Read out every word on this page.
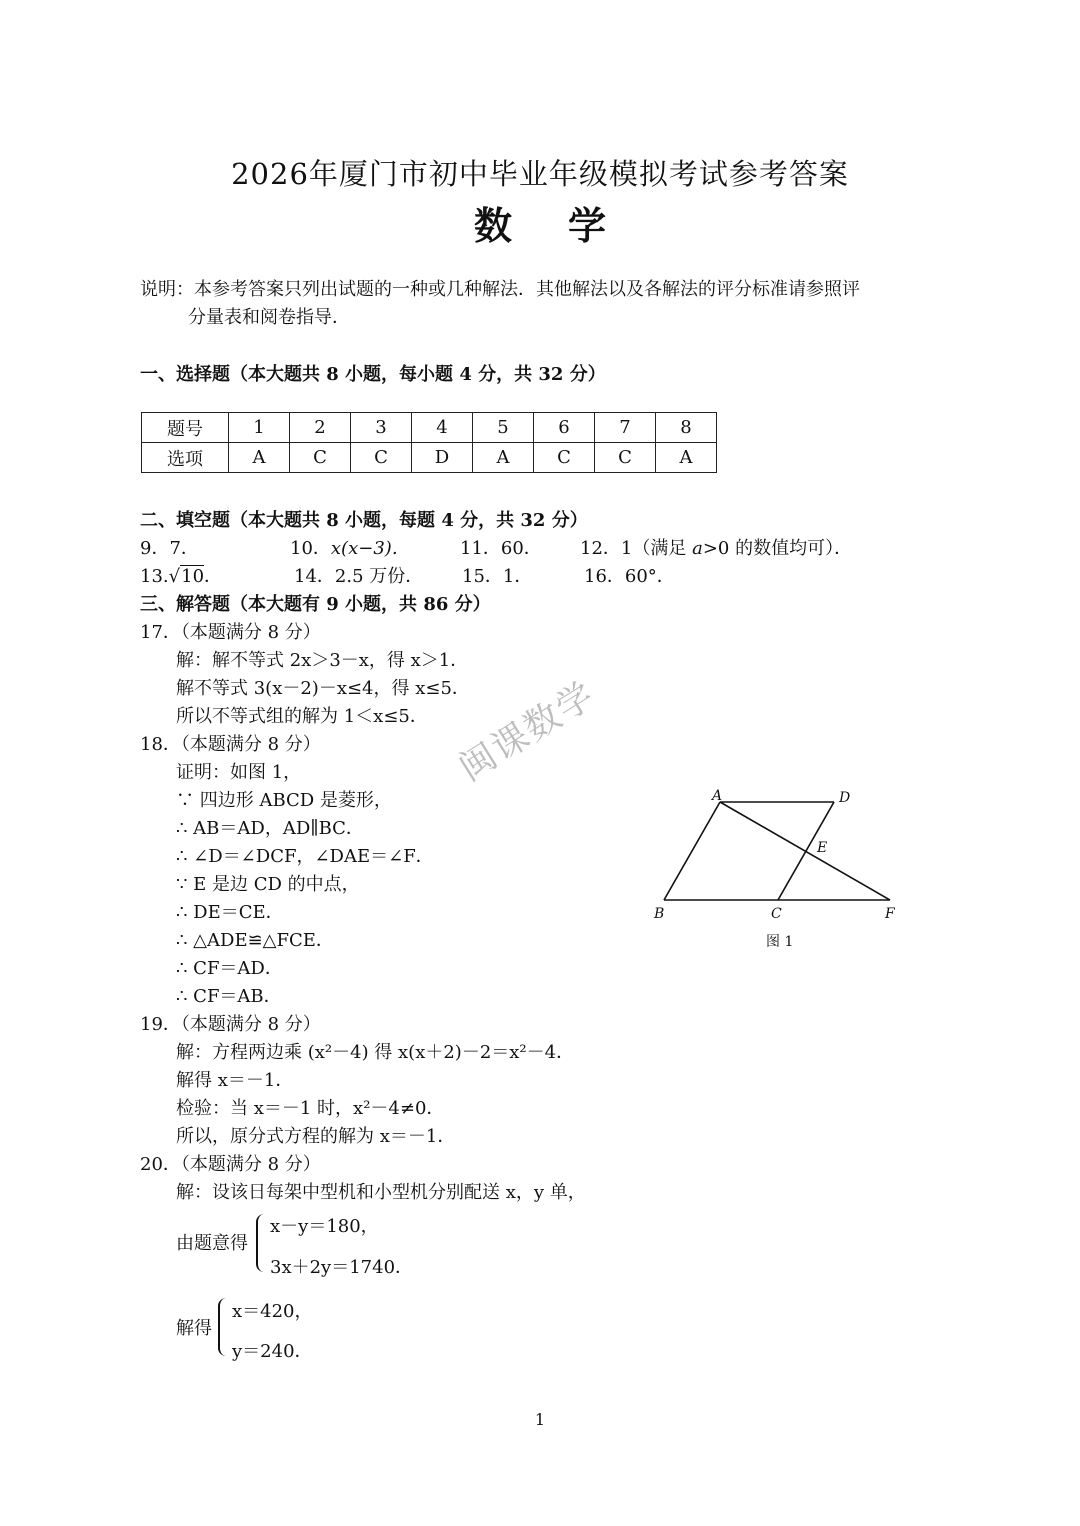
2026年厦门市初中毕业年级模拟考试参考答案
数学
说明：本参考答案只列出试题的一种或几种解法．其他解法以及各解法的评分标准请参照评
分量表和阅卷指导．
一、选择题（本大题共 8 小题，每小题 4 分，共 32 分）
题号	1	2	3	4	5	6	7	8
选项	A	C	C	D	A	C	C	A
二、填空题（本大题共 8 小题，每题 4 分，共 32 分）
9．7．	10．x(x−3)．	11．60． 12．1（满足 a>0 的数值均可）．
13.√10．	14．2.5 万份． 15．1．	16．60°．
三、解答题（本大题有 9 小题，共 86 分）
17．（本题满分 8 分）
解：解不等式 2x＞3－x，得 x＞1．
解不等式 3(x－2)－x≤4，得 x≤5．
所以不等式组的解为 1＜x≤5．
18．（本题满分 8 分）
证明：如图 1，
∵ 四边形 ABCD 是菱形，
∴ AB＝AD，AD∥BC．
∴ ∠D＝∠DCF，∠DAE＝∠F．
∵ E 是边 CD 的中点，
∴ DE＝CE．
∴ △ADE≌△FCE．
∴ CF＝AD．
∴ CF＝AB．
A	D
E
B	C	F
图 1
闽课数学
19．（本题满分 8 分）
解：方程两边乘 (x²－4) 得 x(x＋2)－2＝x²－4．
解得 x＝－1．
检验：当 x＝－1 时，x²－4≠0．
所以，原分式方程的解为 x＝－1．
20．（本题满分 8 分）
解：设该日每架中型机和小型机分别配送 x，y 单，
由题意得
x－y＝180，
3x＋2y＝1740．
解得
x＝420，
y＝240．
1
